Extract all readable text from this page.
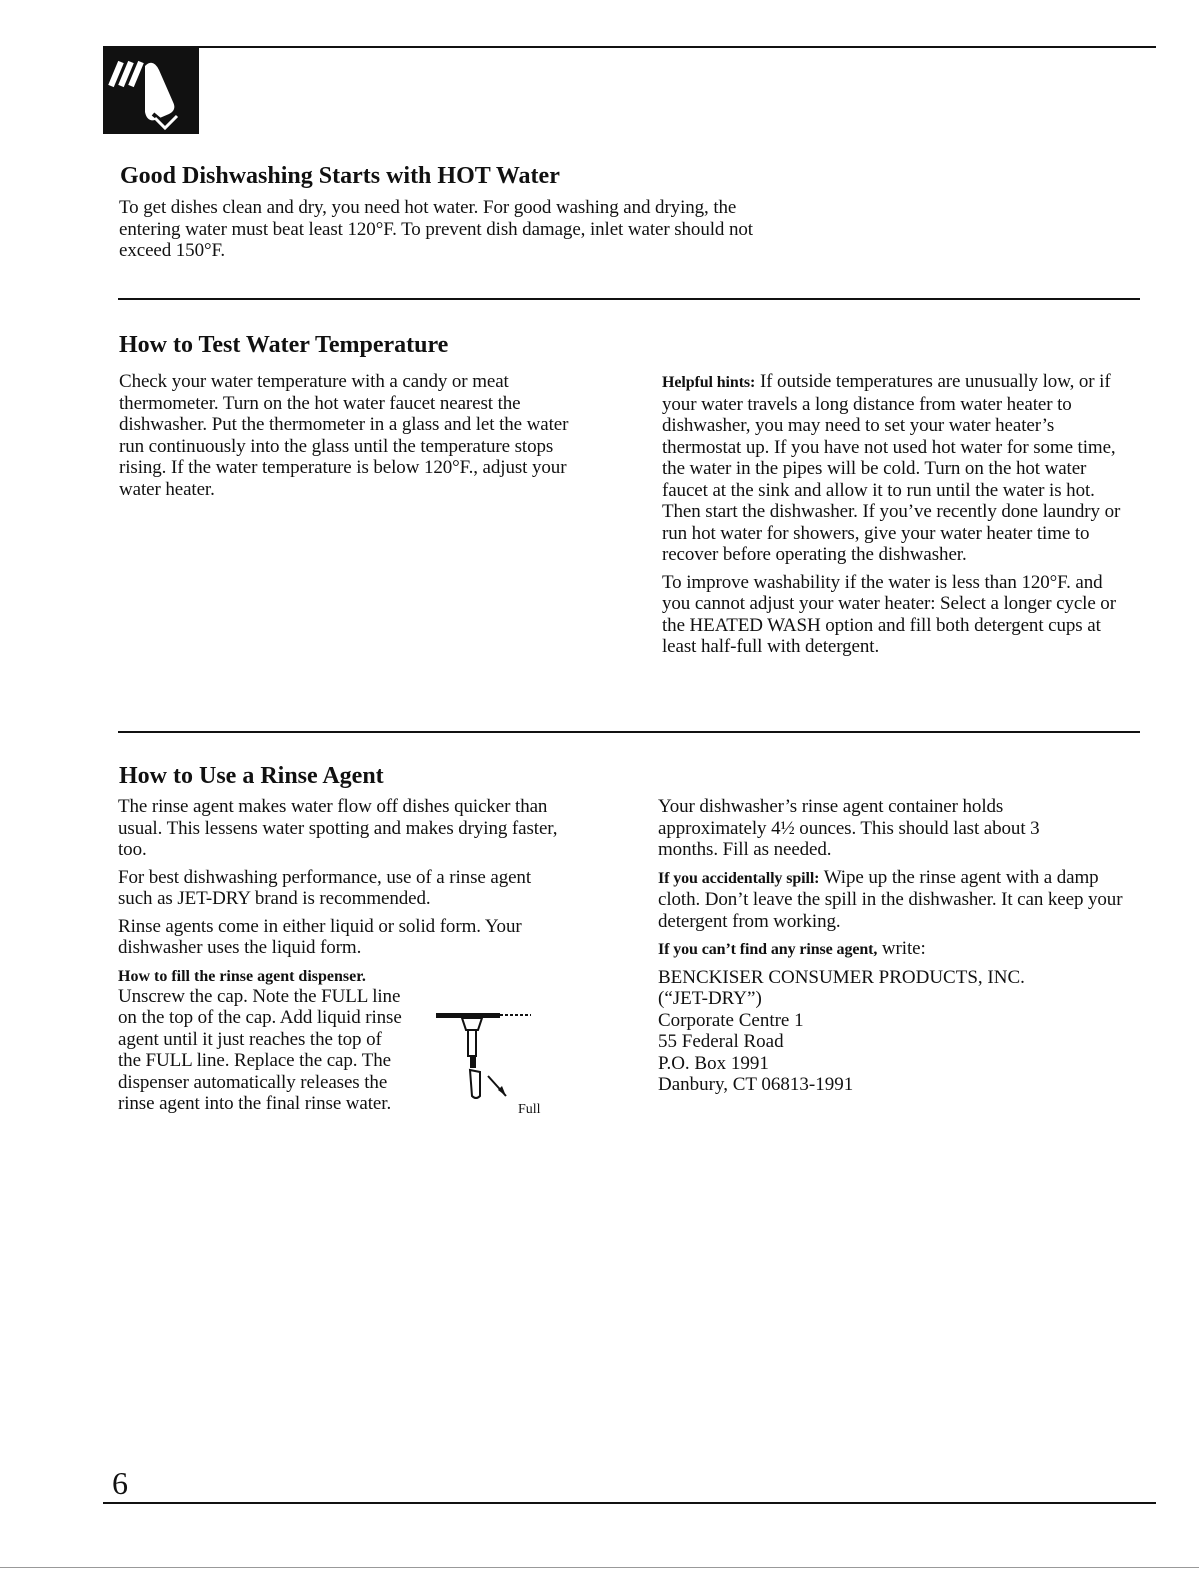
Good Dishwashing Starts with HOT Water

To get dishes clean and dry, you need hot water. For good washing and drying, the entering water must beat least 120°F. To prevent dish damage, inlet water should not exceed 150°F.

How to Test Water Temperature

Check your water temperature with a candy or meat thermometer. Turn on the hot water faucet nearest the dishwasher. Put the thermometer in a glass and let the water run continuously into the glass until the temperature stops rising. If the water temperature is below 120°F., adjust your water heater.

Helpful hints: If outside temperatures are unusually low, or if your water travels a long distance from water heater to dishwasher, you may need to set your water heater’s thermostat up. If you have not used hot water for some time, the water in the pipes will be cold. Turn on the hot water faucet at the sink and allow it to run until the water is hot. Then start the dishwasher. If you’ve recently done laundry or run hot water for showers, give your water heater time to recover before operating the dishwasher.

To improve washability if the water is less than 120°F. and you cannot adjust your water heater: Select a longer cycle or the HEATED WASH option and fill both detergent cups at least half-full with detergent.

How to Use a Rinse Agent

The rinse agent makes water flow off dishes quicker than usual. This lessens water spotting and makes drying faster, too.

For best dishwashing performance, use of a rinse agent such as JET-DRY brand is recommended.

Rinse agents come in either liquid or solid form. Your dishwasher uses the liquid form.

How to fill the rinse agent dispenser.

Unscrew the cap. Note the FULL line on the top of the cap. Add liquid rinse agent until it just reaches the top of the FULL line. Replace the cap. The dispenser automatically releases the rinse agent into the final rinse water.	Full

Your dishwasher’s rinse agent container holds approximately 4½ ounces. This should last about 3 months. Fill as needed.

If you accidentally spill: Wipe up the rinse agent with a damp cloth. Don’t leave the spill in the dishwasher. It can keep your detergent from working.

If you can’t find any rinse agent, write:

BENCKISER CONSUMER PRODUCTS, INC.
(“JET-DRY”)
Corporate Centre 1
55 Federal Road
P.O. Box 1991
Danbury, CT 06813-1991
6
